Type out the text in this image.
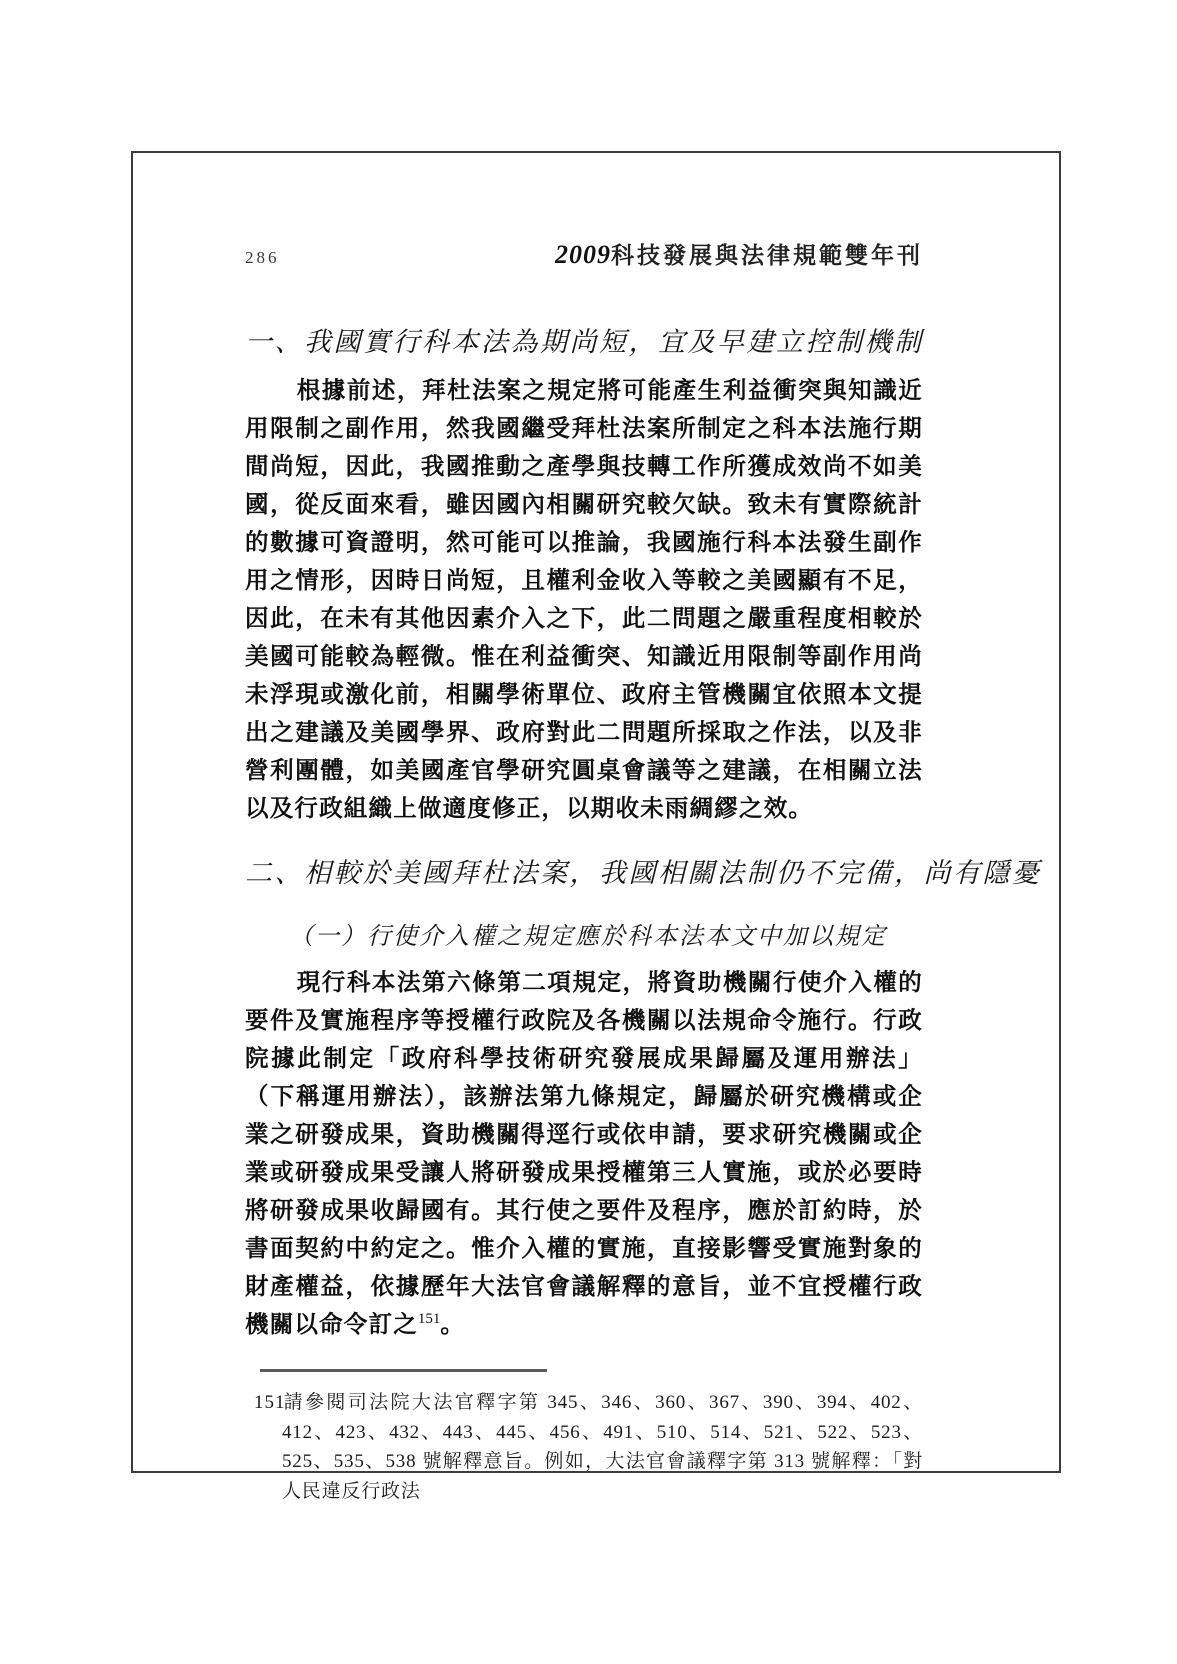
286	2009科技發展與法律規範雙年刊
一、我國實行科本法為期尚短，宜及早建立控制機制

根據前述，拜杜法案之規定將可能產生利益衝突與知識近用限制之副作用，然我國繼受拜杜法案所制定之科本法施行期間尚短，因此，我國推動之產學與技轉工作所獲成效尚不如美國，從反面來看，雖因國內相關研究較欠缺。致未有實際統計的數據可資證明，然可能可以推論，我國施行科本法發生副作用之情形，因時日尚短，且權利金收入等較之美國顯有不足，因此，在未有其他因素介入之下，此二問題之嚴重程度相較於美國可能較為輕微。惟在利益衝突、知識近用限制等副作用尚未浮現或激化前，相關學術單位、政府主管機關宜依照本文提出之建議及美國學界、政府對此二問題所採取之作法，以及非營利團體，如美國產官學研究圓桌會議等之建議，在相關立法以及行政組織上做適度修正，以期收未雨綢繆之效。

二、相較於美國拜杜法案，我國相關法制仍不完備，尚有隱憂
（一）行使介入權之規定應於科本法本文中加以規定

現行科本法第六條第二項規定，將資助機關行使介入權的要件及實施程序等授權行政院及各機關以法規命令施行。行政院據此制定「政府科學技術研究發展成果歸屬及運用辦法」（下稱運用辦法），該辦法第九條規定，歸屬於研究機構或企業之研發成果，資助機關得逕行或依申請，要求研究機關或企業或研發成果受讓人將研發成果授權第三人實施，或於必要時將研發成果收歸國有。其行使之要件及程序，應於訂約時，於書面契約中約定之。惟介入權的實施，直接影響受實施對象的財產權益，依據歷年大法官會議解釋的意旨，並不宜授權行政機關以命令訂之$^{151}$。

151請參閱司法院大法官釋字第 345、346、360、367、390、394、402、412、423、432、443、445、456、491、510、514、521、522、523、525、535、538 號解釋意旨。例如，大法官會議釋字第 313 號解釋：「對人民違反行政法
